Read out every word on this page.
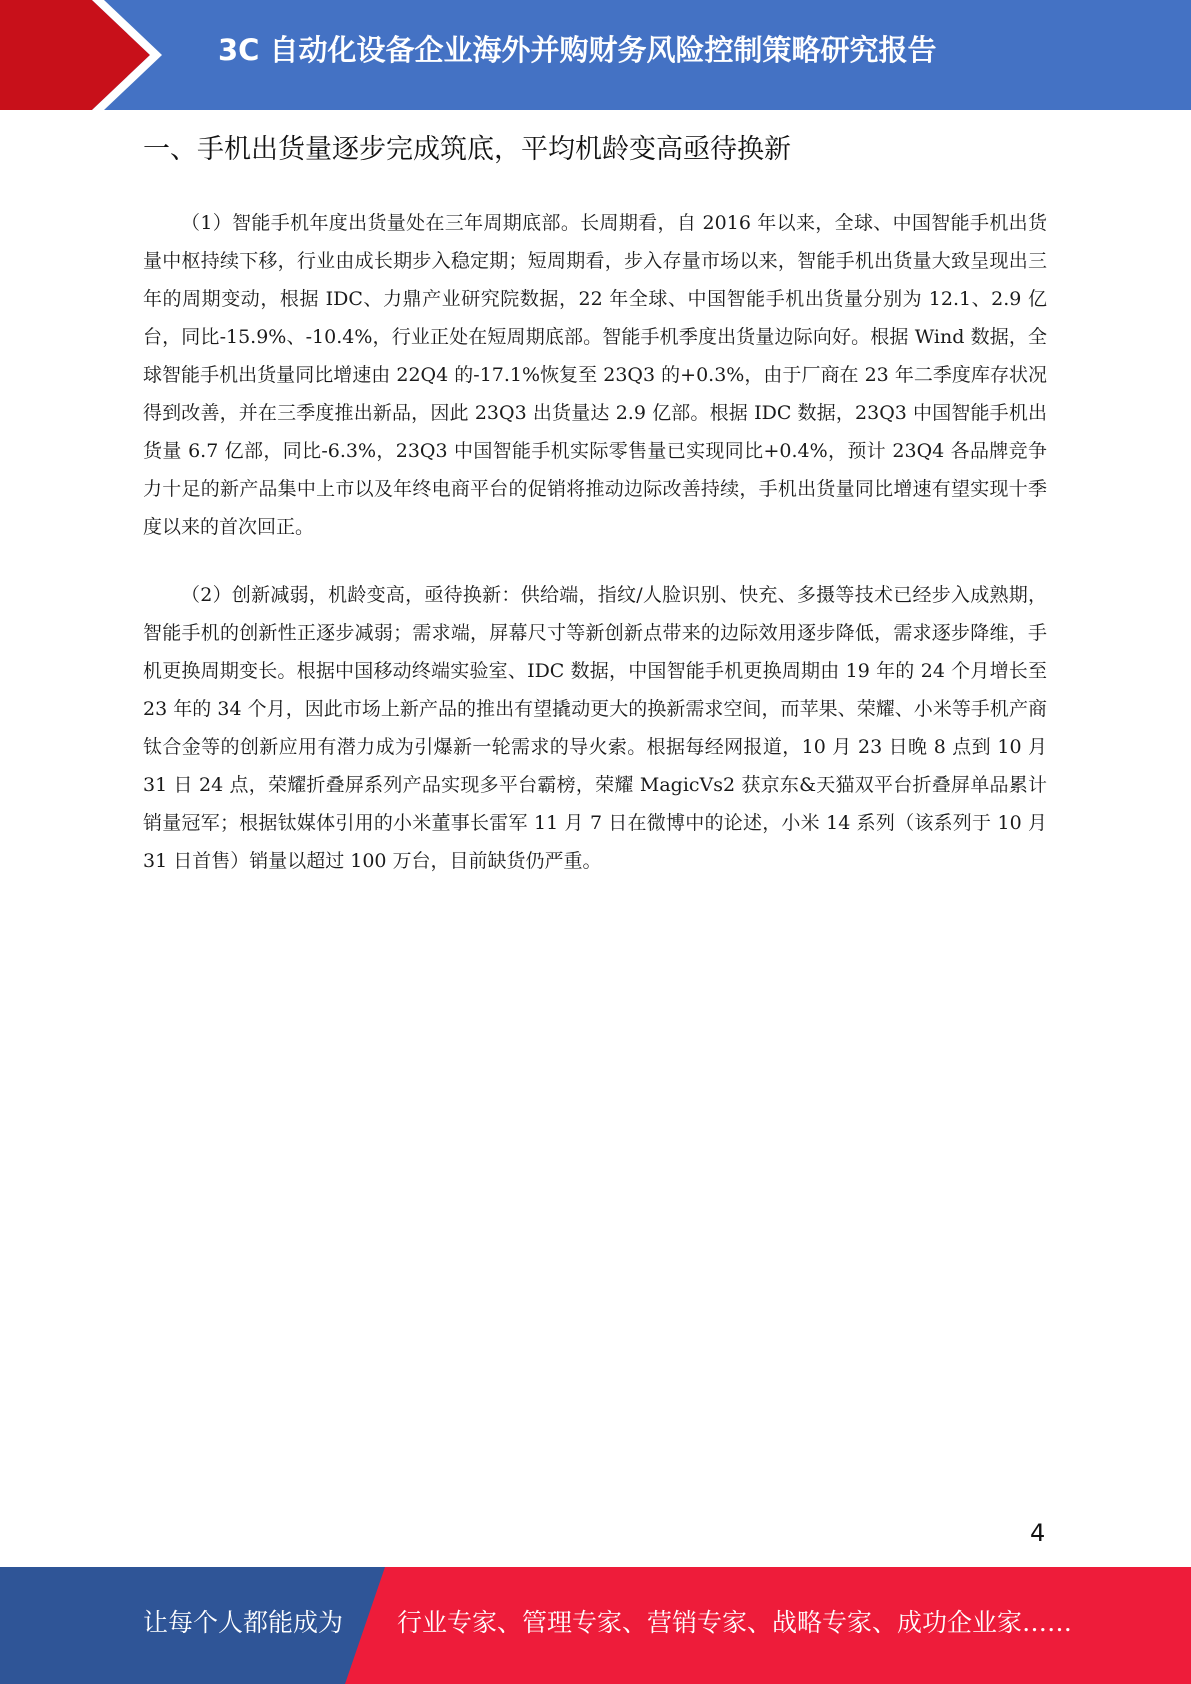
3C 自动化设备企业海外并购财务风险控制策略研究报告
一、手机出货量逐步完成筑底，平均机龄变高亟待换新

（1）智能手机年度出货量处在三年周期底部。长周期看，自 2016 年以来，全球、中国智能手机出货量中枢持续下移，行业由成长期步入稳定期；短周期看，步入存量市场以来，智能手机出货量大致呈现出三年的周期变动，根据 IDC、力鼎产业研究院数据，22 年全球、中国智能手机出货量分别为 12.1、2.9 亿台，同比-15.9%、-10.4%，行业正处在短周期底部。智能手机季度出货量边际向好。根据 Wind 数据，全球智能手机出货量同比增速由 22Q4 的-17.1%恢复至 23Q3 的+0.3%，由于厂商在 23 年二季度库存状况得到改善，并在三季度推出新品，因此 23Q3 出货量达 2.9 亿部。根据 IDC 数据，23Q3 中国智能手机出货量 6.7 亿部，同比-6.3%，23Q3 中国智能手机实际零售量已实现同比+0.4%，预计 23Q4 各品牌竞争力十足的新产品集中上市以及年终电商平台的促销将推动边际改善持续，手机出货量同比增速有望实现十季度以来的首次回正。

（2）创新减弱，机龄变高，亟待换新：供给端，指纹/人脸识别、快充、多摄等技术已经步入成熟期，智能手机的创新性正逐步减弱；需求端，屏幕尺寸等新创新点带来的边际效用逐步降低，需求逐步降维，手机更换周期变长。根据中国移动终端实验室、IDC 数据，中国智能手机更换周期由 19 年的 24 个月增长至 23 年的 34 个月，因此市场上新产品的推出有望撬动更大的换新需求空间，而苹果、荣耀、小米等手机产商钛合金等的创新应用有潜力成为引爆新一轮需求的导火索。根据每经网报道，10 月 23 日晚 8 点到 10 月 31 日 24 点，荣耀折叠屏系列产品实现多平台霸榜，荣耀 MagicVs2 获京东&天猫双平台折叠屏单品累计销量冠军；根据钛媒体引用的小米董事长雷军 11 月 7 日在微博中的论述，小米 14 系列（该系列于 10 月 31 日首售）销量以超过 100 万台，目前缺货仍严重。

4
让每个人都能成为 行业专家、管理专家、营销专家、战略专家、成功企业家……
